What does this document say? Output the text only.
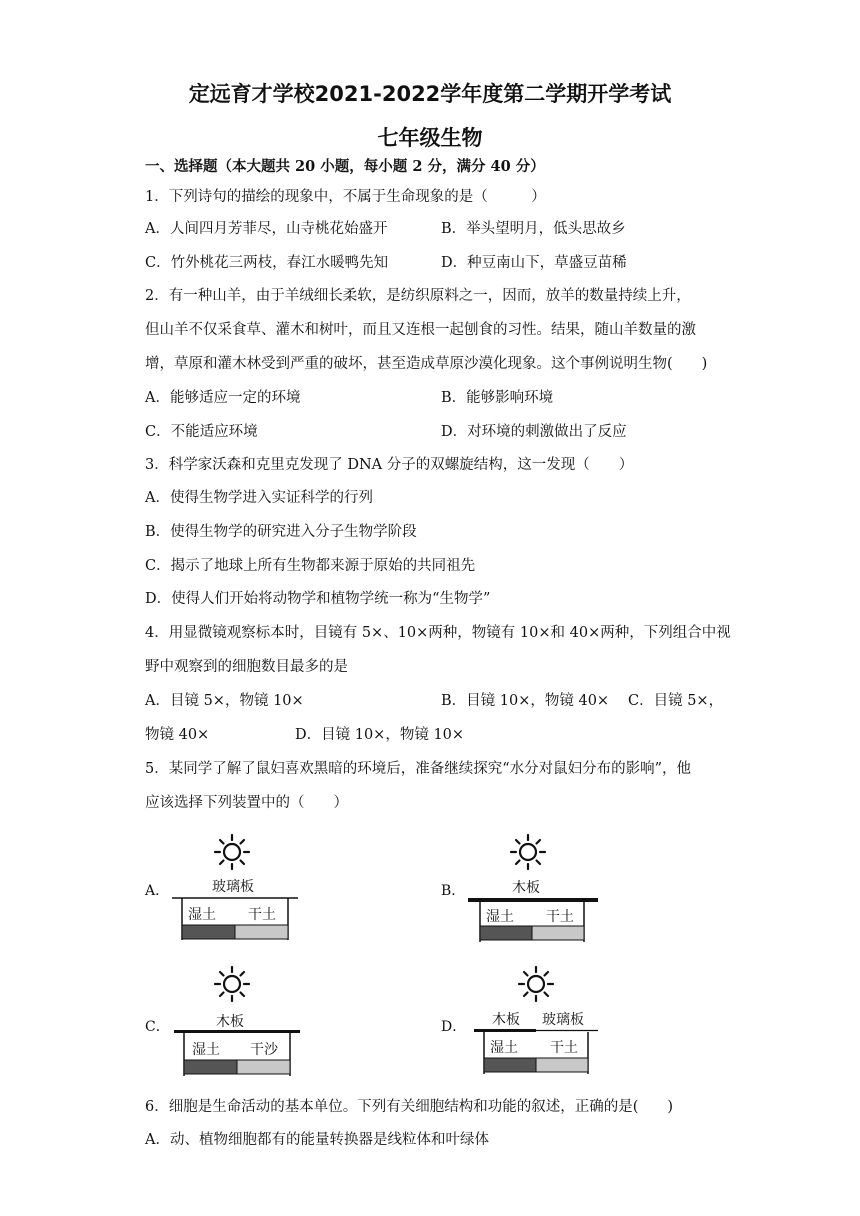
定远育才学校2021-2022学年度第二学期开学考试
七年级生物
一、选择题（本大题共 20 小题，每小题 2 分，满分 40 分）
1．下列诗句的描绘的现象中，不属于生命现象的是（　　　）
A．人间四月芳菲尽，山寺桃花始盛开	B．举头望明月，低头思故乡
C．竹外桃花三两枝，春江水暖鸭先知	D．种豆南山下，草盛豆苗稀
2．有一种山羊，由于羊绒细长柔软，是纺织原料之一，因而，放羊的数量持续上升，
但山羊不仅采食草、灌木和树叶，而且又连根一起刨食的习性。结果，随山羊数量的激
增，草原和灌木林受到严重的破坏，甚至造成草原沙漠化现象。这个事例说明生物(　　)
A．能够适应一定的环境	B．能够影响环境
C．不能适应环境	D．对环境的刺激做出了反应
3．科学家沃森和克里克发现了 DNA 分子的双螺旋结构，这一发现（　　）
A．使得生物学进入实证科学的行列
B．使得生物学的研究进入分子生物学阶段
C．揭示了地球上所有生物都来源于原始的共同祖先
D．使得人们开始将动物学和植物学统一称为“生物学”
4．用显微镜观察标本时，目镜有 5×、10×两种，物镜有 10×和 40×两种，下列组合中视
野中观察到的细胞数目最多的是
A．目镜 5×，物镜 10×	B．目镜 10×，物镜 40× C．目镜 5×，
物镜 40×	D．目镜 10×，物镜 10×
5．某同学了解了鼠妇喜欢黑暗的环境后，准备继续探究“水分对鼠妇分布的影响”，他
应该选择下列装置中的（　　）
A．	玻璃板
湿土 干土
B．	木板
湿土 干土
C．	木板
湿土 干沙
D． 木板 玻璃板
湿土 干土
6．细胞是生命活动的基本单位。下列有关细胞结构和功能的叙述，正确的是(　　)
A．动、植物细胞都有的能量转换器是线粒体和叶绿体
